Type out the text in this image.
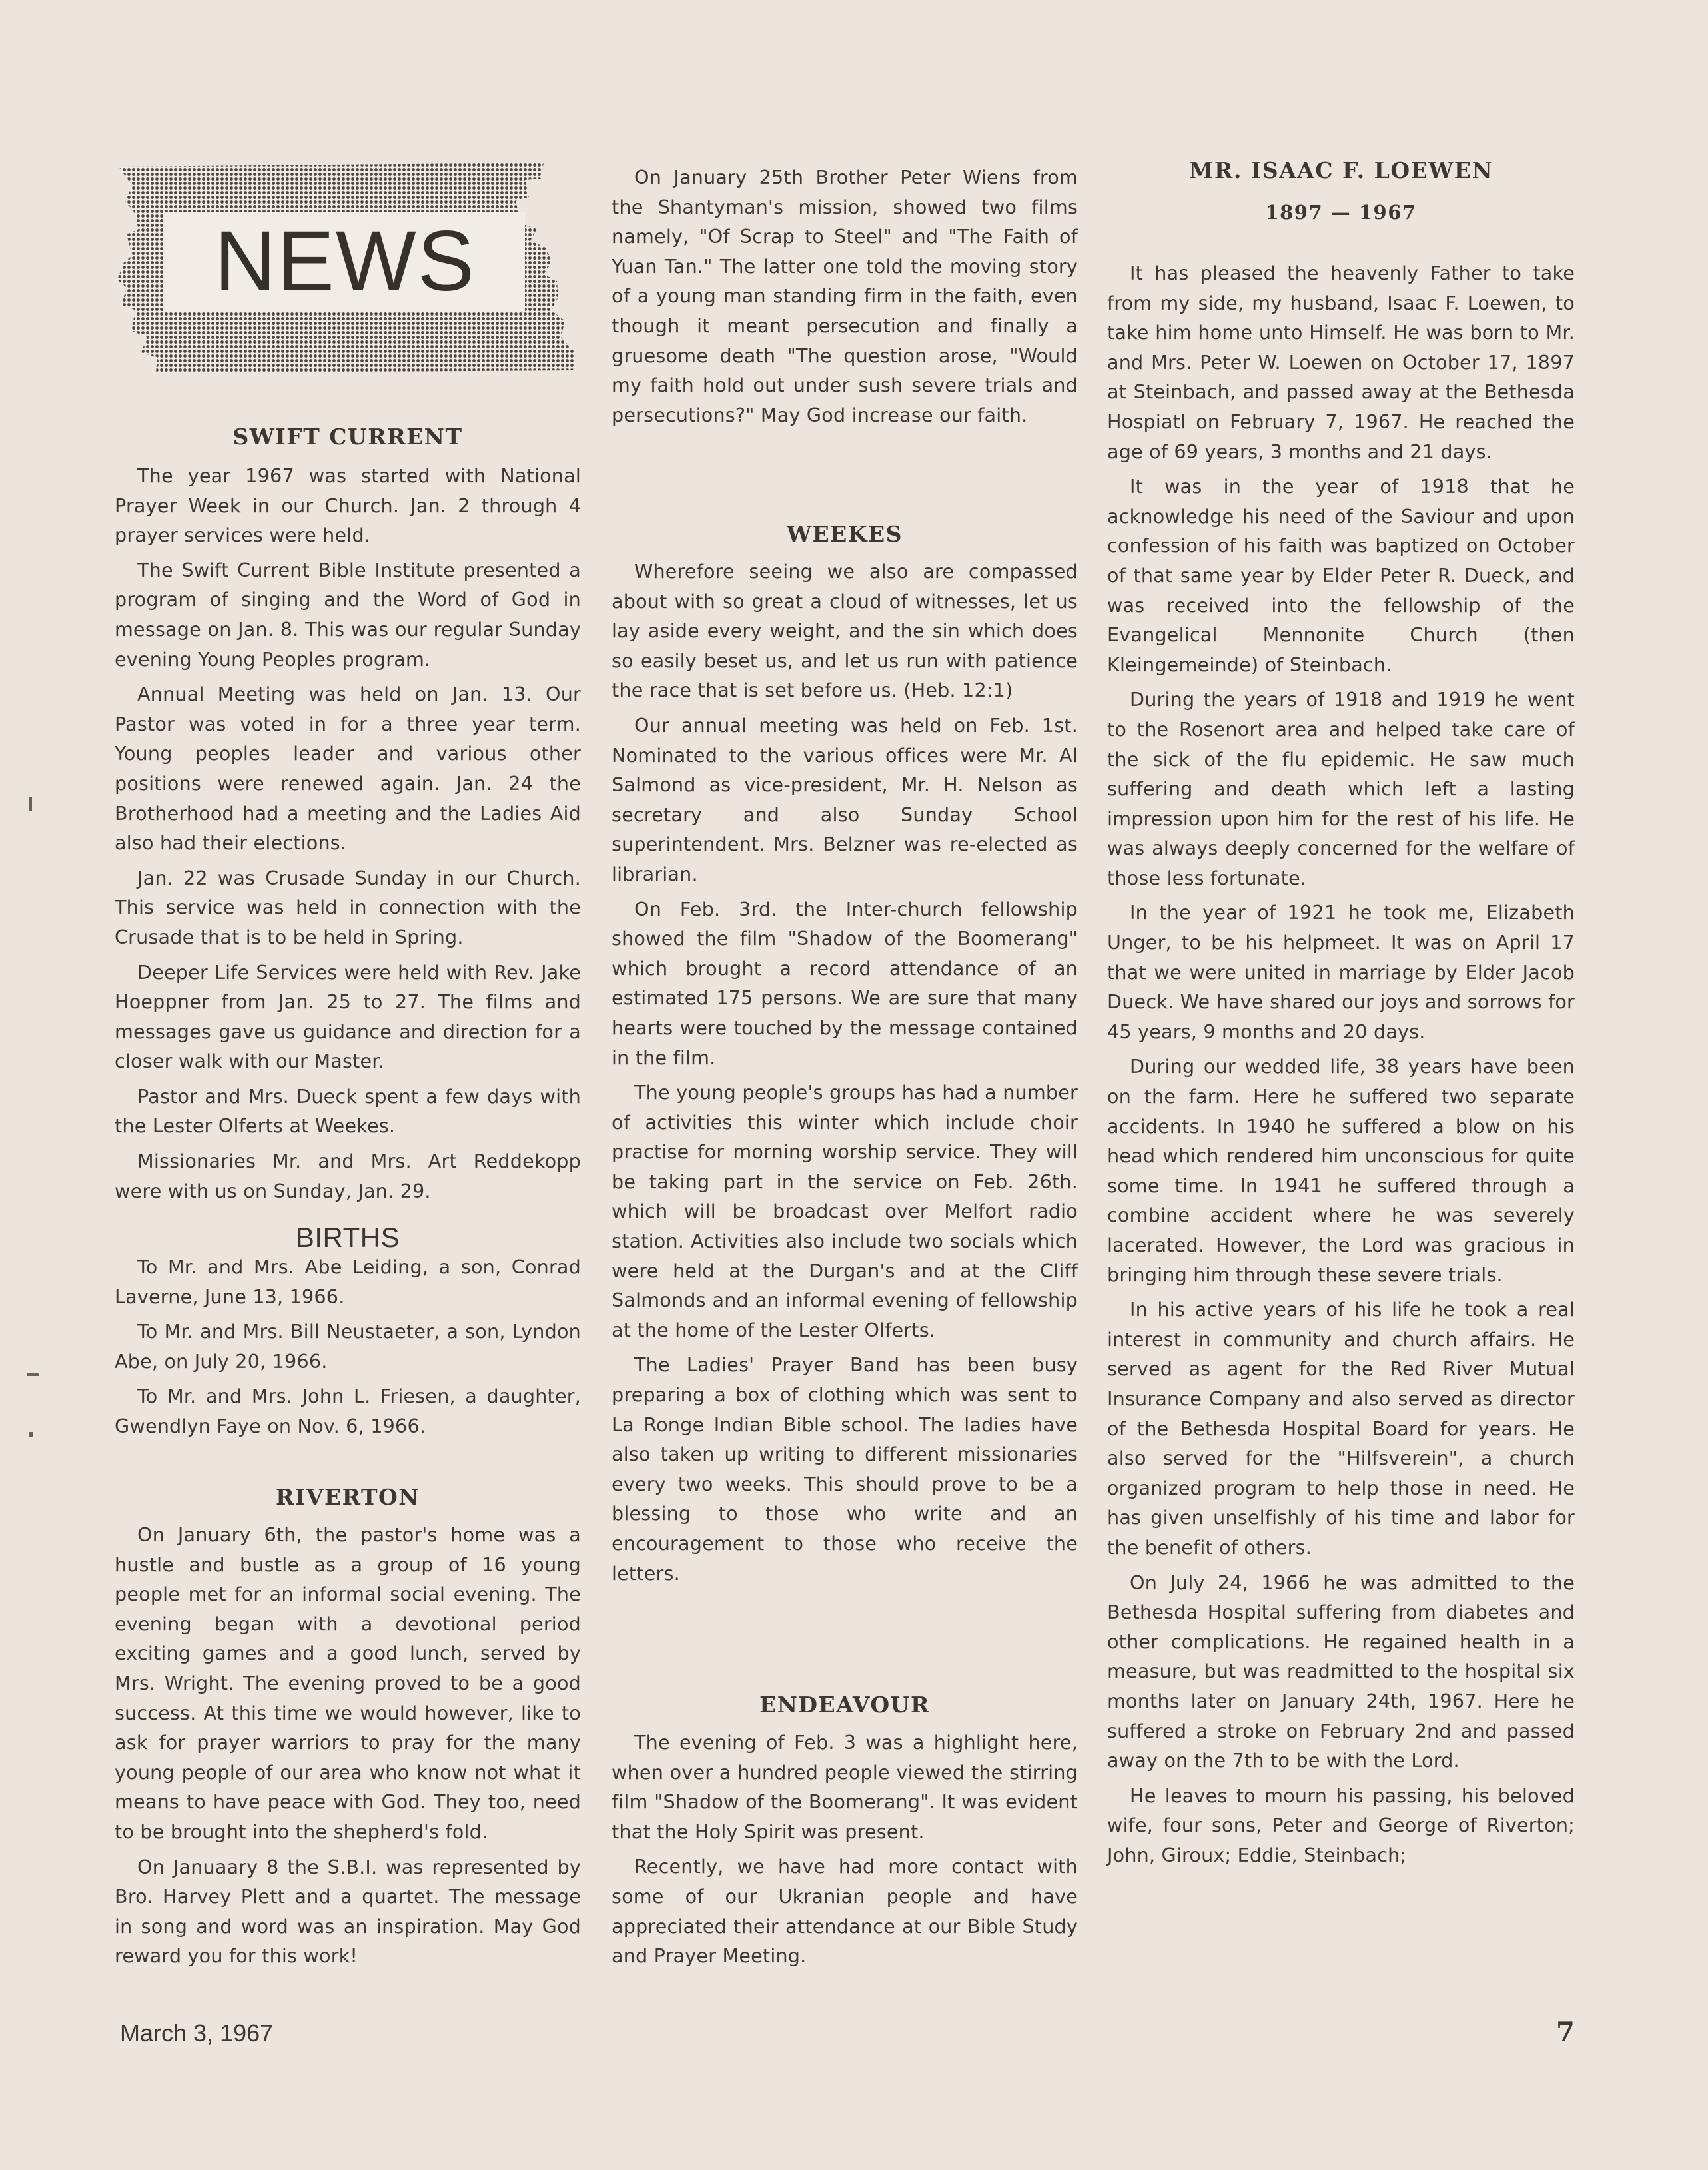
NEWS
SWIFT CURRENT

The year 1967 was started with National Prayer Week in our Church. Jan. 2 through 4 prayer services were held.

The Swift Current Bible Institute presented a program of singing and the Word of God in message on Jan. 8. This was our regular Sunday evening Young Peoples program.

Annual Meeting was held on Jan. 13. Our Pastor was voted in for a three year term. Young peoples leader and various other positions were renewed again. Jan. 24 the Brotherhood had a meeting and the Ladies Aid also had their elections.

Jan. 22 was Crusade Sunday in our Church. This service was held in connection with the Crusade that is to be held in Spring.

Deeper Life Services were held with Rev. Jake Hoeppner from Jan. 25 to 27. The films and messages gave us guidance and direction for a closer walk with our Master.

Pastor and Mrs. Dueck spent a few days with the Lester Olferts at Weekes.

Missionaries Mr. and Mrs. Art Reddekopp were with us on Sunday, Jan. 29.

BIRTHS

To Mr. and Mrs. Abe Leiding, a son, Conrad Laverne, June 13, 1966.

To Mr. and Mrs. Bill Neustaeter, a son, Lyndon Abe, on July 20, 1966.

To Mr. and Mrs. John L. Friesen, a daughter, Gwendlyn Faye on Nov. 6, 1966.

RIVERTON

On January 6th, the pastor's home was a hustle and bustle as a group of 16 young people met for an informal social evening. The evening began with a devotional period exciting games and a good lunch, served by Mrs. Wright. The evening proved to be a good success. At this time we would however, like to ask for prayer warriors to pray for the many young people of our area who know not what it means to have peace with God. They too, need to be brought into the shepherd's fold.

On Januaary 8 the S.B.I. was represented by Bro. Harvey Plett and a quartet. The message in song and word was an inspiration. May God reward you for this work!

On January 25th Brother Peter Wiens from the Shantyman's mission, showed two films namely, "Of Scrap to Steel" and "The Faith of Yuan Tan." The latter one told the moving story of a young man standing firm in the faith, even though it meant persecution and finally a gruesome death "The question arose, "Would my faith hold out under sush severe trials and persecutions?" May God increase our faith.

WEEKES

Wherefore seeing we also are compassed about with so great a cloud of witnesses, let us lay aside every weight, and the sin which does so easily beset us, and let us run with patience the race that is set before us. (Heb. 12:1)

Our annual meeting was held on Feb. 1st. Nominated to the various offices were Mr. Al Salmond as vice-president, Mr. H. Nelson as secretary and also Sunday School superintendent. Mrs. Belzner was re-elected as librarian.

On Feb. 3rd. the Inter-church fellowship showed the film "Shadow of the Boomerang" which brought a record attendance of an estimated 175 persons. We are sure that many hearts were touched by the message contained in the film.

The young people's groups has had a number of activities this winter which include choir practise for morning worship service. They will be taking part in the service on Feb. 26th. which will be broadcast over Melfort radio station. Activities also include two socials which were held at the Durgan's and at the Cliff Salmonds and an informal evening of fellowship at the home of the Lester Olferts.

The Ladies' Prayer Band has been busy preparing a box of clothing which was sent to La Ronge Indian Bible school. The ladies have also taken up writing to different missionaries every two weeks. This should prove to be a blessing to those who write and an encouragement to those who receive the letters.

ENDEAVOUR

The evening of Feb. 3 was a highlight here, when over a hundred people viewed the stirring film "Shadow of the Boomerang". It was evident that the Holy Spirit was present.

Recently, we have had more contact with some of our Ukranian people and have appreciated their attendance at our Bible Study and Prayer Meeting.

MR. ISAAC F. LOEWEN
1897 — 1967

It has pleased the heavenly Father to take from my side, my husband, Isaac F. Loewen, to take him home unto Himself. He was born to Mr. and Mrs. Peter W. Loewen on October 17, 1897 at Steinbach, and passed away at the Bethesda Hospiatl on February 7, 1967. He reached the age of 69 years, 3 months and 21 days.

It was in the year of 1918 that he acknowledge his need of the Saviour and upon confession of his faith was baptized on October of that same year by Elder Peter R. Dueck, and was received into the fellowship of the Evangelical Mennonite Church (then Kleingemeinde) of Steinbach.

During the years of 1918 and 1919 he went to the Rosenort area and helped take care of the sick of the flu epidemic. He saw much suffering and death which left a lasting impression upon him for the rest of his life. He was always deeply concerned for the welfare of those less fortunate.

In the year of 1921 he took me, Elizabeth Unger, to be his helpmeet. It was on April 17 that we were united in marriage by Elder Jacob Dueck. We have shared our joys and sorrows for 45 years, 9 months and 20 days.

During our wedded life, 38 years have been on the farm. Here he suffered two separate accidents. In 1940 he suffered a blow on his head which rendered him unconscious for quite some time. In 1941 he suffered through a combine accident where he was severely lacerated. However, the Lord was gracious in bringing him through these severe trials.

In his active years of his life he took a real interest in community and church affairs. He served as agent for the Red River Mutual Insurance Company and also served as director of the Bethesda Hospital Board for years. He also served for the "Hilfsverein", a church organized program to help those in need. He has given unselfishly of his time and labor for the benefit of others.

On July 24, 1966 he was admitted to the Bethesda Hospital suffering from diabetes and other complications. He regained health in a measure, but was readmitted to the hospital six months later on January 24th, 1967. Here he suffered a stroke on February 2nd and passed away on the 7th to be with the Lord.

He leaves to mourn his passing, his beloved wife, four sons, Peter and George of Riverton; John, Giroux; Eddie, Steinbach;

March 3, 1967	7
